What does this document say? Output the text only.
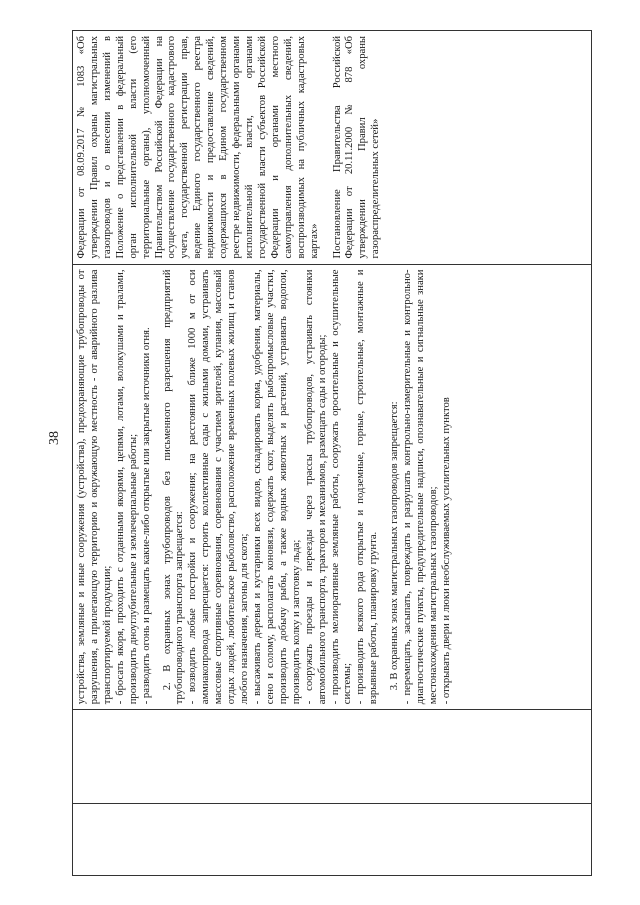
38
		устройства, земляные и иные сооружения (устройства), предохраняющие трубопроводы от разрушения, а прилегающую территорию и окружающую местность - от аварийного разлива транспортируемой продукции; - бросать якоря, проходить с отданными якорями, цепями, лотами, волокушами и тралами, производить дноуглубительные и землечерпальные работы; - разводить огонь и размещать какие-либо открытые или закрытые источники огня. 2. В охранных зонах трубопроводов без письменного разрешения предприятий трубопроводного транспорта запрещается: - возводить любые постройки и сооружения; на расстоянии ближе 1000 м от оси аммиакопровода запрещается: строить коллективные сады с жилыми домами, устраивать массовые спортивные соревнования, соревнования с участием зрителей, купания, массовый отдых людей, любительское рыболовство, расположение временных полевых жилищ и станов любого назначения, загоны для скота; - высаживать деревья и кустарники всех видов, складировать корма, удобрения, материалы, сено и солому, располагать коновязи, содержать скот, выделять рыбопромысловые участки, производить добычу рыбы, а также водных животных и растений, устраивать водопои, производить колку и заготовку льда; - сооружать проезды и переезды через трассы трубопроводов, устраивать стоянки автомобильного транспорта, тракторов и механизмов, размещать сады и огороды; - производить мелиоративные земляные работы, сооружать оросительные и осушительные системы; - производить всякого рода открытые и подземные, горные, строительные, монтажные и взрывные работы, планировку грунта. 3. В охранных зонах магистральных газопроводов запрещается: - перемещать, засыпать, повреждать и разрушать контрольно-измерительные и контрольно-диагностические пункты, предупредительные надписи, опознавательные и сигнальные знаки местонахождения магистральных газопроводов; - открывать двери и люки необслуживаемых усилительных пунктов

Федерации от 08.09.2017 № 1083 «Об утверждении Правил охраны магистральных газопроводов и о внесении изменений в Положение о представлении в федеральный орган исполнительной власти (его территориальные органы), уполномоченный Правительством Российской Федерации на осуществление государственного кадастрового учета, государственной регистрации прав, ведение Единого государственного реестра недвижимости и предоставление сведений, содержащихся в Едином государственном реестре недвижимости, федеральными органами исполнительной власти, органами государственной власти субъектов Российской Федерации и органами местного самоуправления дополнительных сведений, воспроизводимых на публичных кадастровых картах» Постановление Правительства Российской Федерации от 20.11.2000 № 878 «Об утверждении Правил охраны газораспределительных сетей»
